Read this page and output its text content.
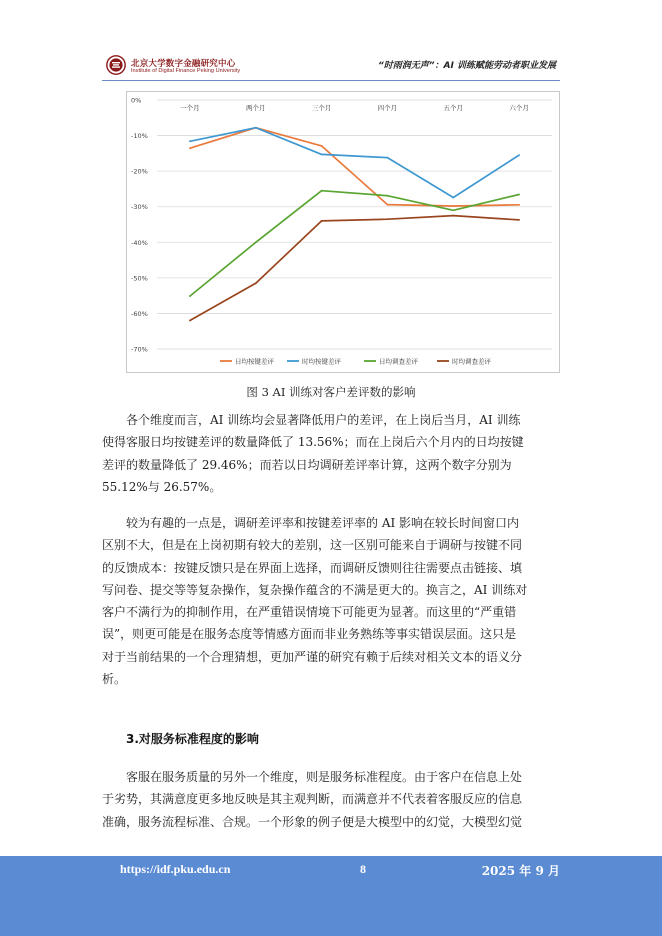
北京大学数字金融研究中心
Institute of Digital Finance Peking University	“时雨润无声”：AI 训练赋能劳动者职业发展
0%
-10%
-20%
-30%
-40%
-50%
-60%
-70%
一个月	两个月	三个月	四个月	五个月	六个月
日均按键差评	时均按键差评	日均调查差评	时均调查差评
图 3 AI 训练对客户差评数的影响
各个维度而言，AI 训练均会显著降低用户的差评，在上岗后当月，AI 训练
使得客服日均按键差评的数量降低了 13.56%；而在上岗后六个月内的日均按键
差评的数量降低了 29.46%；而若以日均调研差评率计算，这两个数字分别为
55.12%与 26.57%。
较为有趣的一点是，调研差评率和按键差评率的 AI 影响在较长时间窗口内
区别不大，但是在上岗初期有较大的差别，这一区别可能来自于调研与按键不同
的反馈成本：按键反馈只是在界面上选择，而调研反馈则往往需要点击链接、填
写问卷、提交等等复杂操作，复杂操作蕴含的不满是更大的。换言之，AI 训练对
客户不满行为的抑制作用，在严重错误情境下可能更为显著。而这里的“严重错
误”，则更可能是在服务态度等情感方面而非业务熟练等事实错误层面。这只是
对于当前结果的一个合理猜想，更加严谨的研究有赖于后续对相关文本的语义分
析。
3.对服务标准程度的影响
客服在服务质量的另外一个维度，则是服务标准程度。由于客户在信息上处
于劣势，其满意度更多地反映是其主观判断，而满意并不代表着客服反应的信息
准确，服务流程标准、合规。一个形象的例子便是大模型中的幻觉，大模型幻觉
https://idf.pku.edu.cn	8	2025 年 9 月
